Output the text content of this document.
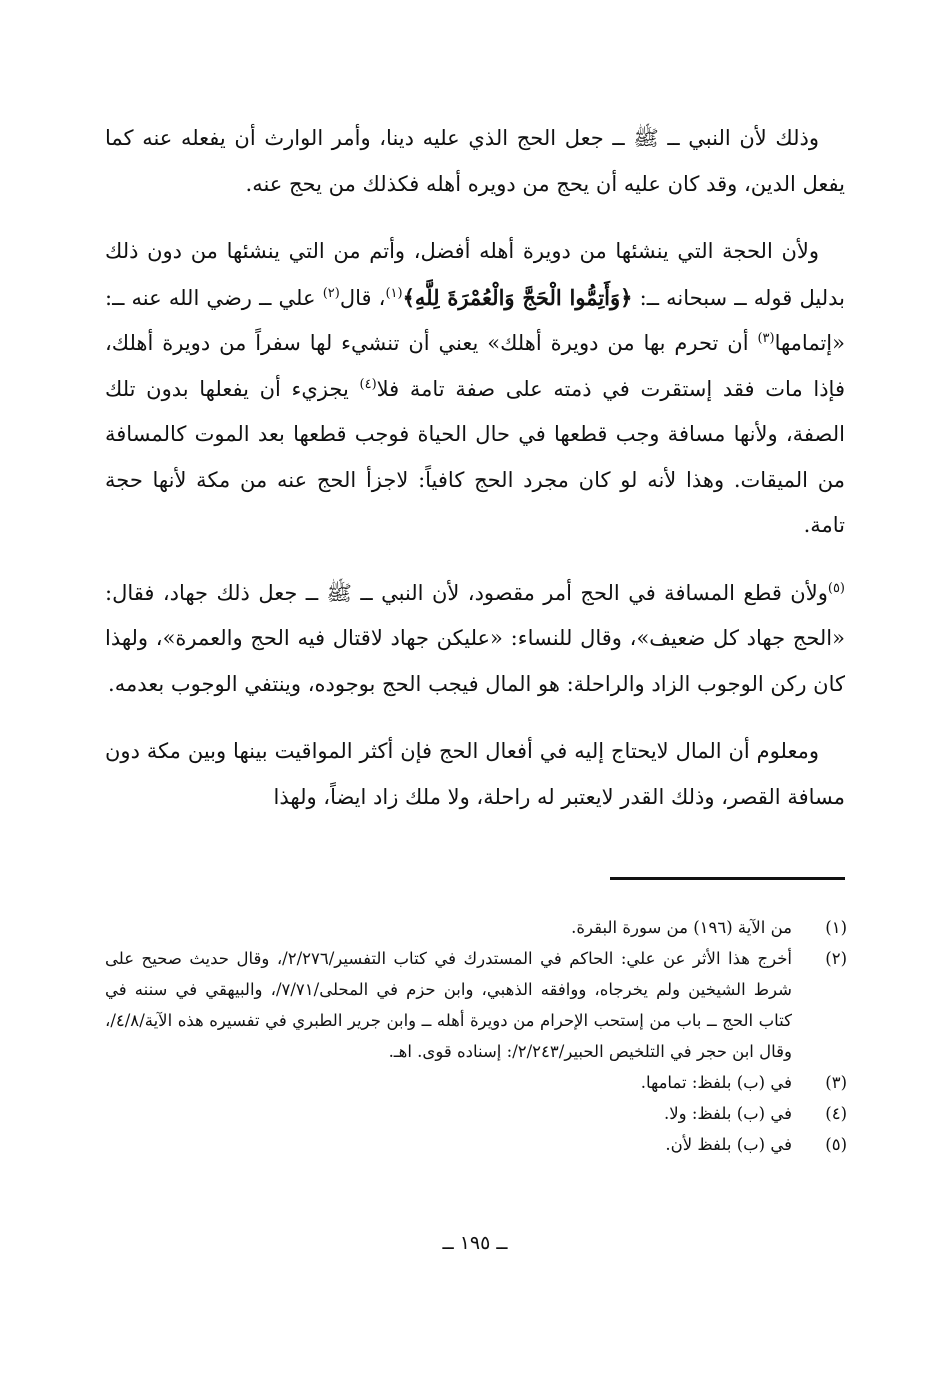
وذلك لأن النبي ــ ﷺ ــ جعل الحج الذي عليه دينا، وأمر الوارث أن يفعله عنه كما يفعل الدين، وقد كان عليه أن يحج من دويره أهله فكذلك من يحج عنه.

ولأن الحجة التي ينشئها من دويرة أهله أفضل، وأتم من التي ينشئها من دون ذلك بدليل قوله ــ سبحانه ــ: ﴿وَأَتِمُّوا الْحَجَّ وَالْعُمْرَةَ لِلَّهِ﴾$^{(١)}$، قال$^{(٢)}$ علي ــ رضي الله عنه ــ: «إتمامها$^{(٣)}$ أن تحرم بها من دويرة أهلك» يعني أن تنشيء لها سفراً من دويرة أهلك، فإذا مات فقد إستقرت في ذمته على صفة تامة فلا$^{(٤)}$ يجزيء أن يفعلها بدون تلك الصفة، ولأنها مسافة وجب قطعها في حال الحياة فوجب قطعها بعد الموت كالمسافة من الميقات. وهذا لأنه لو كان مجرد الحج كافياً: لاجزأ الحج عنه من مكة لأنها حجة تامة.

$^{(٥)}$ولأن قطع المسافة في الحج أمر مقصود، لأن النبي ــ ﷺ ــ جعل ذلك جهاد، فقال: «الحج جهاد كل ضعيف»، وقال للنساء: «عليكن جهاد لاقتال فيه الحج والعمرة»، ولهذا كان ركن الوجوب الزاد والراحلة: هو المال فيجب الحج بوجوده، وينتفي الوجوب بعدمه.

ومعلوم أن المال لايحتاج إليه في أفعال الحج فإن أكثر المواقيت بينها وبين مكة دون مسافة القصر، وذلك القدر لايعتبر له راحلة، ولا ملك زاد ايضاً، ولهذا

(١)
من الآية (١٩٦) من سورة البقرة.
(٢)
أخرج هذا الأثر عن علي: الحاكم في المستدرك في كتاب التفسير/٢/٢٧٦/، وقال حديث صحيح على شرط الشيخين ولم يخرجاه، ووافقه الذهبي، وابن حزم في المحلى/٧/٧١/، والبيهقي في سننه في كتاب الحج ــ باب من إستحب الإحرام من دويرة أهله ــ وابن جرير الطبري في تفسيره هذه الآية/٤/٨/، وقال ابن حجر في التلخيص الحبير/٢/٢٤٣/: إسناده قوى. اهـ.
(٣)
في (ب) بلفظ: تمامها.
(٤)
في (ب) بلفظ: ولا.
(٥)
في (ب) بلفظ لأن.
ــ ١٩٥ ــ
